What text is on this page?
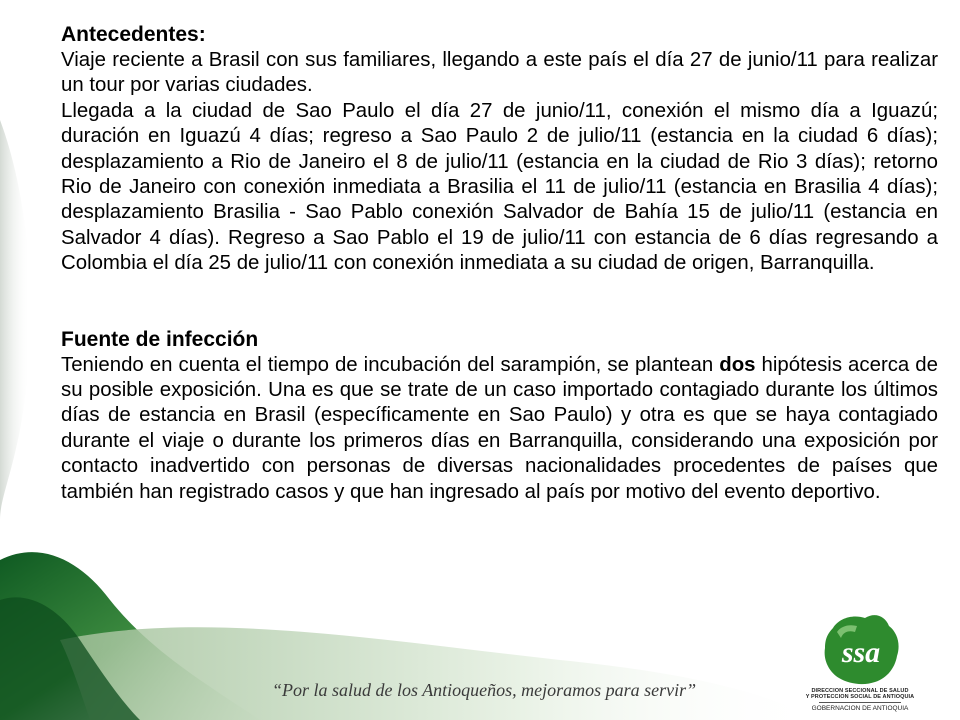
Antecedentes:

Viaje reciente a Brasil con sus familiares, llegando a este país el día 27 de junio/11 para realizar un tour por varias ciudades.

Llegada a la ciudad de Sao Paulo el día 27 de junio/11, conexión el mismo día a Iguazú; duración en Iguazú 4 días; regreso a Sao Paulo 2 de julio/11 (estancia en la ciudad 6 días); desplazamiento a Rio de Janeiro el 8 de julio/11 (estancia en la ciudad de Rio 3 días); retorno Rio de Janeiro con conexión inmediata a Brasilia el 11 de julio/11 (estancia en Brasilia 4 días); desplazamiento Brasilia - Sao Pablo conexión Salvador de Bahía 15 de julio/11 (estancia en Salvador 4 días). Regreso a Sao Pablo el 19 de julio/11 con estancia de 6 días regresando a Colombia el día 25 de julio/11 con conexión inmediata a su ciudad de origen, Barranquilla.

Fuente de infección

Teniendo en cuenta el tiempo de incubación del sarampión, se plantean dos hipótesis acerca de su posible exposición. Una es que se trate de un caso importado contagiado durante los últimos días de estancia en Brasil (específicamente en Sao Paulo) y otra es que se haya contagiado durante el viaje o durante los primeros días en Barranquilla, considerando una exposición por contacto inadvertido con personas de diversas nacionalidades procedentes de países que también han registrado casos y que han ingresado al país por motivo del evento deportivo.

“Por la salud de los Antioqueños, mejoramos para servir”
ssa
DIRECCION SECCIONAL DE SALUD
Y PROTECCION SOCIAL DE ANTIOQUIA
GOBERNACION DE ANTIOQUIA
